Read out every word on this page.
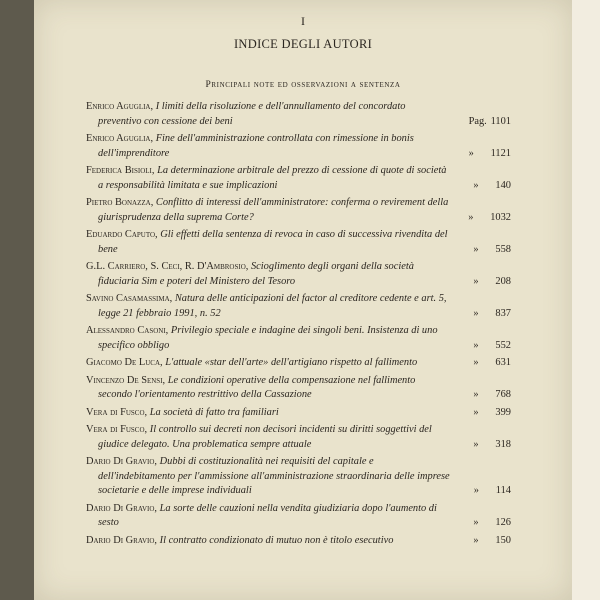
I
INDICE DEGLI AUTORI
Principali note ed osservazioni a sentenza
Enrico Aguglia, I limiti della risoluzione e dell'annullamento del concordato preventivo con cessione dei beni	Pag. 1101
Enrico Aguglia, Fine dell'amministrazione controllata con rimessione in bonis dell'imprenditore	» 1121
Federica Bisioli, La determinazione arbitrale del prezzo di cessione di quote di società a responsabilità limitata e sue implicazioni	» 140
Pietro Bonazza, Conflitto di interessi dell'amministratore: conferma o revirement della giurisprudenza della suprema Corte?	» 1032
Eduardo Caputo, Gli effetti della sentenza di revoca in caso di successiva rivendita del bene	» 558
G.L. Carriero, S. Ceci, R. D'Ambrosio, Scioglimento degli organi della società fiduciaria Sim e poteri del Ministero del Tesoro	» 208
Savino Casamassima, Natura delle anticipazioni del factor al creditore cedente e art. 5, legge 21 febbraio 1991, n. 52	» 837
Alessandro Casoni, Privilegio speciale e indagine dei singoli beni. Insistenza di uno specifico obbligo	» 552
Giacomo De Luca, L'attuale «star dell'arte» dell'artigiano rispetto al fallimento	» 631
Vincenzo De Sensi, Le condizioni operative della compensazione nel fallimento secondo l'orientamento restrittivo della Cassazione	» 768
Vera di Fusco, La società di fatto tra familiari	» 399
Vera di Fusco, Il controllo sui decreti non decisori incidenti su diritti soggettivi del giudice delegato. Una problematica sempre attuale	» 318
Dario Di Gravio, Dubbi di costituzionalità nei requisiti del capitale e dell'indebitamento per l'ammissione all'amministrazione straordinaria delle imprese societarie e delle imprese individuali	» 114
Dario Di Gravio, La sorte delle cauzioni nella vendita giudiziaria dopo l'aumento di sesto	» 126
Dario Di Gravio, Il contratto condizionato di mutuo non è titolo esecutivo	» 150
